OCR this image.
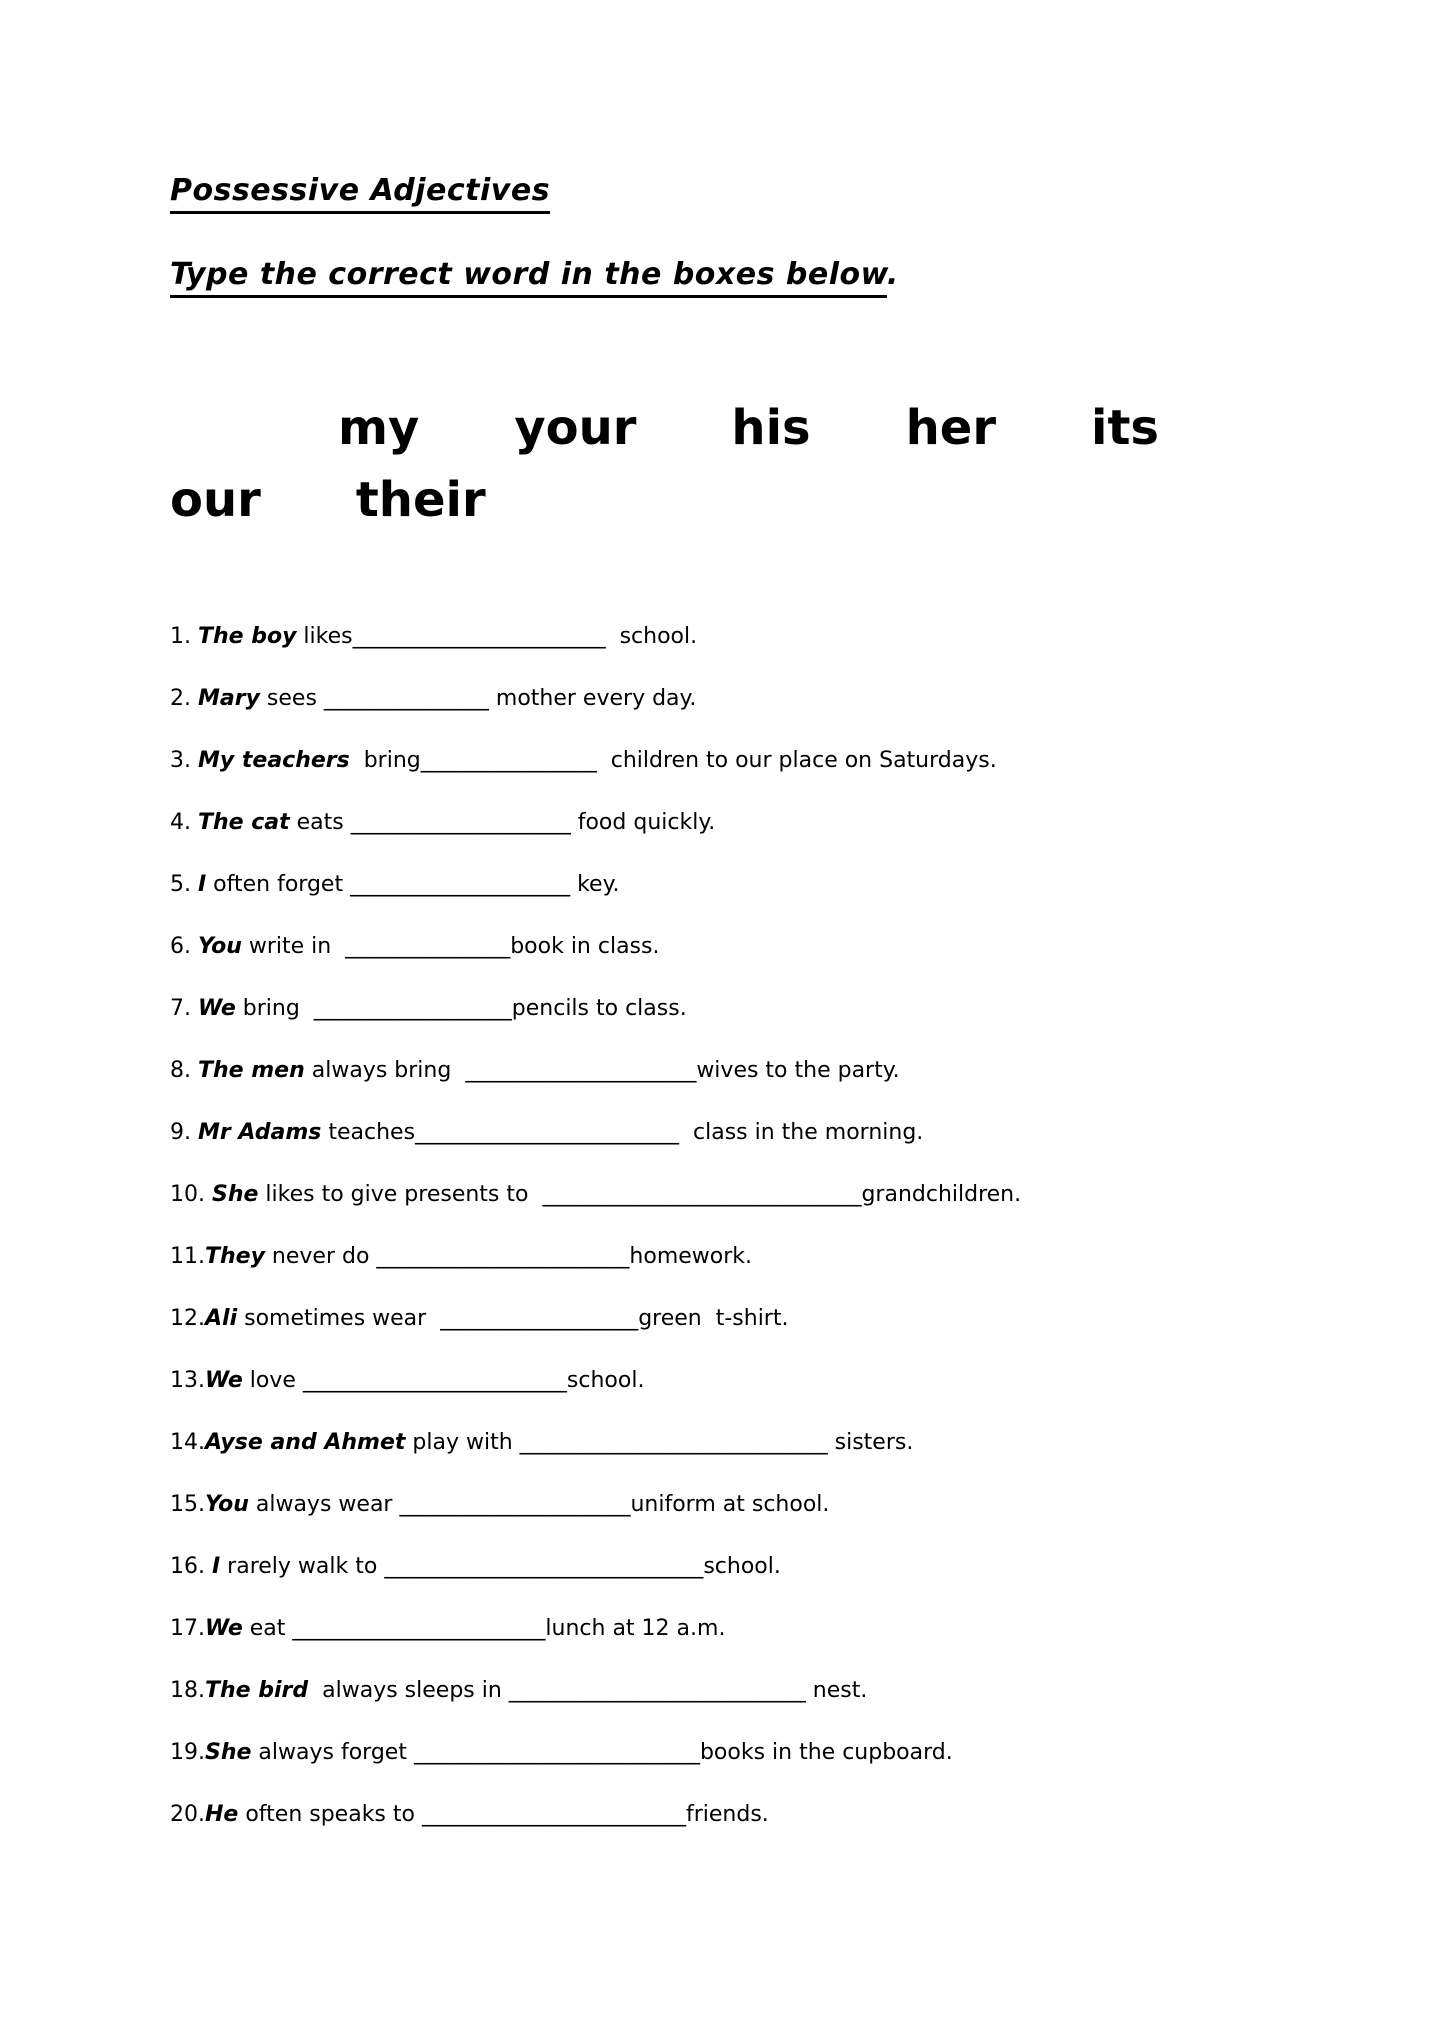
Possessive Adjectives
Type the correct word in the boxes below.
my your his her its
our their

1. The boy likes_______________________  school.

2. Mary sees _______________ mother every day.

3. My teachers  bring________________  children to our place on Saturdays.

4. The cat eats ____________________ food quickly.

5. I often forget ____________________ key.

6. You write in  _______________book in class.

7. We bring  __________________pencils to class.

8. The men always bring  _____________________wives to the party.

9. Mr Adams teaches________________________  class in the morning.

10. She likes to give presents to  _____________________________grandchildren.

11.They never do _______________________homework.

12.Ali sometimes wear  __________________green  t-shirt.

13.We love ________________________school.

14.Ayse and Ahmet play with ____________________________ sisters.

15.You always wear _____________________uniform at school.

16. I rarely walk to _____________________________school.

17.We eat _______________________lunch at 12 a.m.

18.The bird  always sleeps in ___________________________ nest.

19.She always forget __________________________books in the cupboard.

20.He often speaks to ________________________friends.
